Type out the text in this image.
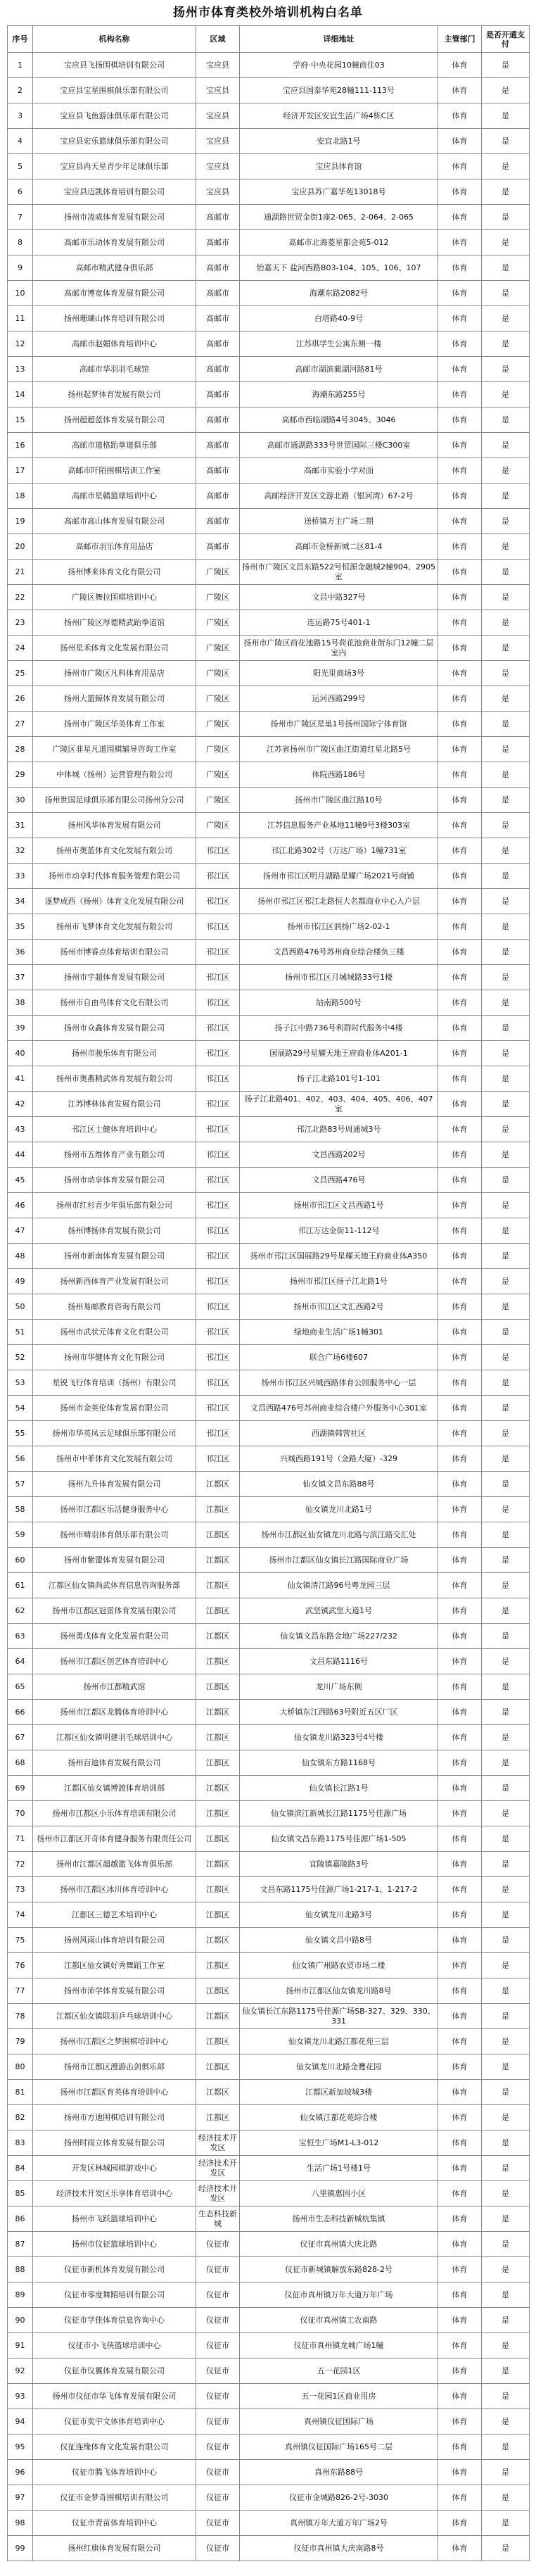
扬州市体育类校外培训机构白名单
序号	机构名称	区域	详细地址	主管部门	是否开通支付

1	宝应县飞扬围棋培训有限公司	宝应县	学府·中央花园10幢商住03	体育	是

2	宝应县宝星围棋俱乐部有限公司	宝应县	宝应县国泰华苑28幢111-113号	体育	是

3	宝应县飞鱼游泳俱乐部有限公司	宝应县	经济开发区安宜生活广场4栋C区	体育	是

4	宝应县宏乐篮球俱乐部有限公司	宝应县	安宜北路1号	体育	是

5	宝应县冉天星青少年足球俱乐部	宝应县	宝应县体育馆	体育	是

6	宝应县迈凯体育培训有限公司	宝应县	宝应县苏广嘉华苑13018号	体育	是

7	扬州市凌威体育发展有限公司	高邮市	通湖路世贸金街1座2-065、2-064、2-065	体育	是

8	高邮市乐动体育发展有限公司	高邮市	高邮市北海菱星都会苑5-012	体育	是

9	高邮市精武健身俱乐部	高邮市	怡嘉天下 盐河西路B03-104、105、106、107	体育	是

10	高邮市博宽体育发展有限公司	高邮市	海潮东路2082号	体育	是

11	扬州珊瑚山体育培训有限公司	高邮市	白塔路40-9号	体育	是

12	高邮市赵媚体育培训中心	高邮市	江苏琪学生公寓东侧一楼	体育	是

13	高邮市华羽羽毛球馆	高邮市	高邮市湖滨蔺湖河路81号	体育	是

14	扬州起梦体育发展有限公司	高邮市	海潮东路255号	体育	是

15	扬州超超蓝体育发展有限公司	高邮市	高邮市西临湖路4号3045、3046	体育	是

16	高邮市道格跆拳道俱乐部	高邮市	高邮市通湖路333号世贸国际三楼C300室	体育	是

17	高邮市阡陌围棋培训工作室	高邮市	高邮市实验小学对面	体育	是

18	高邮市星赣篮球培训中心	高邮市	高邮经济开发区文游北路（银河湾）67-2号	体育	是

19	高邮市高山体育发展有限公司	高邮市	送桥镇万主广场二期	体育	是

20	高邮市羽乐体育用品店	高邮市	高邮市金桥新城二区81-4	体育	是

21	扬州博来体育文化有限公司	广陵区	扬州市广陵区文昌东路522号恒源金融城2幢904、2905室	体育	是

22	广陵区舞拉围棋培训中心	广陵区	文昌中路327号	体育	是

23	扬州广陵区厚德精武跆拳道馆	广陵区	连运路75号401-1	体育	是

24	扬州星禾体育文化发展有限公司	广陵区	扬州市广陵区荷花池路15号荷花池商业街东门12幢二层室内	体育	是

25	扬州市广陵区凡科体育用品店	广陵区	阳光里商场3号	体育	是

26	扬州大篮鲸体育发展有限公司	广陵区	运河西路299号	体育	是

27	扬州市广陵区华美体育工作室	广陵区	扬州市广陵区星巢1号扬州国际宁体育馆	体育	是

28	广陵区非星凡道围棋辅导咨询工作室	广陵区	江苏省扬州市广陵区曲江街道红星北路5号	体育	是

29	中体城（扬州）运营管理有限公司	广陵区	体院西路186号	体育	是

30	扬州世国足球俱乐部有限公司扬州分公司	广陵区	扬州市广陵区曲江路10号	体育	是

31	扬州风华体育发展有限公司	广陵区	江苏信息服务产业基地11幢9号3楼303室	体育	是

32	扬州市奥蓝体育文化发展有限公司	邗江区	邗江北路302号（万达广场）1幢731室	体育	是

33	扬州市动享时代体育服务管理有限公司	邗江区	扬州市邗江区明月湖路星耀广场2021号商铺	体育	是

34	逐梦成西（扬州）体育文化发展有限公司	邗江区	扬州市邗江区邗江北路恒大名都商业中心入户层	体育	是

35	扬州市飞梦体育文化发展有限公司	邗江区	扬州市邗江区润扬广场2-02-1	体育	是

36	扬州市博睿点体育培训有限公司	邗江区	文昌西路476号苏州商业综合楼负三楼	体育	是

37	扬州市宇超体育发展有限公司	邗江区	扬州市邗江区月城城路33号1楼	体育	是

38	扬州市自由鸟体育文化有限公司	邗江区	站南路500号	体育	是

39	扬州市众鑫体育发展有限公司	邗江区	扬子江中路736号利群时代服务中4楼	体育	是

40	扬州市骏乐体育有限公司	邗江区	国展路29号星耀天地王府商业体A201-1	体育	是

41	扬州市奥燕精武体育发展有限公司	邗江区	扬子江北路101号1-101	体育	是

42	江苏博林体育发展有限公司	邗江区	扬子江北路401、402、403、404、405、406、407室	体育	是

43	邗江区士健体育培训中心	邗江区	邗江北路83号周通城3号	体育	是

44	扬州市五维体育产业有限公司	邗江区	文昌西路202号	体育	是

45	扬州市动享体育发展有限公司	邗江区	文昌西路476号	体育	是

46	扬州市红杉青少年俱乐部有限公司	邗江区	扬州市邗江区文昌西路1号	体育	是

47	扬州博扬体育发展有限公司	邗江区	邗江万达金街11-112号	体育	是

48	扬州市新南体育发展有限公司	邗江区	扬州市邗江区国展路29号星耀天地王府商业体A350	体育	是

49	扬州新西体育产业发展有限公司	邗江区	扬州市邗江区扬子江北路1号	体育	是

50	扬州易邮教育咨询有限公司	邗江区	扬州市邗江区文汇西路2号	体育	是

51	扬州市武状元体育文化有限公司	邗江区	绿地商业生活广场1幢301	体育	是

52	扬州市华健体育文化有限公司	邗江区	联合广场6楼607	体育	是

53	星锐飞行体育培训（扬州）有限公司	邗江区	扬州市邗江区兴城西路体育公园服务中心一层	体育	是

54	扬州市金英伦体育发展有限公司	邗江区	文昌西路476号苏州商业综合楼户外服务中心301室	体育	是

55	扬州市华英凤云足球俱乐部有限公司	邗江区	西湖镇韩营社区	体育	是

56	扬州市中菲体育文化发展有限公司	邗江区	兴城西路191号（金路大厦）-329	体育	是

57	扬州九升体育发展有限公司	江都区	仙女镇文昌东路88号	体育	是

58	扬州市江都区乐活健身服务中心	江都区	仙女镇龙川北路1号	体育	是

59	扬州市晴羽体育俱乐部有限公司	江都区	扬州市江都区仙女镇龙川北路与滨江路交汇处	体育	是

60	扬州市紫盟体育发展有限公司	江都区	扬州市江都区仙女镇长江路国际商业广场	体育	是

61	江都区仙女镇尚武体育信息咨询服务部	江都区	仙女镇清江路96号粤龙园三层	体育	是

62	扬州市江都区冠雷体育发展有限公司	江都区	武坚镇武坚大道1号	体育	是

63	扬州勇戊体育文化发展有限公司	江都区	仙女镇文昌东路金地广场227/232	体育	是

64	扬州市江都区创艺体育培训中心	江都区	文昌东路1116号	体育	是

65	扬州市江都精武馆	江都区	龙川广场东侧	体育	是

66	扬州市江都区龙腾体育培训中心	江都区	大桥镇东江西路63号附近五区厂区	体育	是

67	江都区仙女镇明建羽毛球培训中心	江都区	仙女镇龙川路323号4号楼	体育	是

68	扬州百迪体育发展有限公司	江都区	仙女镇东方路1168号	体育	是

69	江都区仙女镇博渡体育培训部	江都区	仙女镇长江路1号	体育	是

70	扬州市江都区小乐体育培训有限公司	江都区	仙女镇滨江新城长江路1175号佳源广场	体育	是

71	扬州市江都区开奇体育健身服务有限责任公司	江都区	仙女镇文昌东路1175号佳源广场1-505	体育	是

72	扬州市江都区超越篮飞体育俱乐部	江都区	宜陵镇嘉陵路3号	体育	是

73	扬州市江都区冰川体育培训中心	江都区	文昌东路1175号佳源广场1-217-1、1-217-2	体育	是

74	江都区三德艺术培训中心	江都区	仙女镇龙川北路3号	体育	是

75	扬州风雨山体育培训有限公司	江都区	仙女镇文昌中路8号	体育	是

76	江都区仙女镇好秀舞蹈工作室	江都区	仙女镇广州路农贸市场二楼	体育	是

77	扬州市沛学体育发展有限公司	江都区	扬州市江都区仙女镇龙川路8号	体育	是

78	江都区仙女镇联羽乒乓球培训中心	江都区	仙女镇长江东路1175号佳源广场SB-327、329、330、331	体育	是

79	扬州市江都区之梦围棋培训中心	江都区	仙女镇龙川北路江都花苑三层	体育	是

80	扬州市江都区漫游击剑俱乐部	江都区	仙女镇龙川北路金鹰花园	体育	是

81	扬州市江都区育英体育培训中心	江都区	江都区新加坡城3楼	体育	是

82	扬州市方迪围棋培训有限公司	江都区	仙女镇江都花苑综合楼	体育	是

83	扬州时雨立体育发展有限公司	经济技术开发区	宝恒生广场M1-L3-012	体育	是

84	开发区林城园棋游戏中心	经济技术开发区	生活广场1号楼1号	体育	是

85	经济技术开发区乐享体育培训中心	经济技术开发区	八里镇惠园小区	体育	是

86	扬州市飞跃篮球培训中心	生态科技新城	扬州市生态科技新城杭集镇	体育	是

87	扬州市仪征篮球培训中心	仪征市	仪征市真州镇大庆北路	体育	是

88	仪征市新机体育发展有限公司	仪征市	仪征市新城镇解放东路828-2号	体育	是

89	仪征市零度舞蹈培训有限公司	仪征市	仪征市真州镇万年大道万年广场	体育	是

90	仪征市学佳体育信息咨询中心	仪征市	仪征市真州镇工农南路	体育	是

91	仪征市小飞侠篮球培训中心	仪征市	仪征市真州镇龙城广场1幢	体育	是

92	仪征市仪翼体育发展有限公司	仪征市	五一花园1区	体育	是

93	扬州市仪征市华飞体育发展有限公司	仪征市	五一花园1区商业用房	体育	是

94	仪征市奕宇文体体育培训中心	仪征市	真州镇仪征国际广场	体育	是

95	仪征连缘体育文化发展有限公司	仪征市	真州镇仪征国际广场165号二层	体育	是

96	仪征市腾飞体育培训中心	仪征市	真州东路88号	体育	是

97	仪征市金梦奇围棋培训有限公司	仪征市	仪征市金城路826-2号-3030	体育	是

98	仪征市青苗体育培训中心	仪征市	真州镇万年大道万年广场2号	体育	是

99	扬州红旗体育发展有限公司	仪征市	仪征市真州镇大庆南路8号	体育	是
